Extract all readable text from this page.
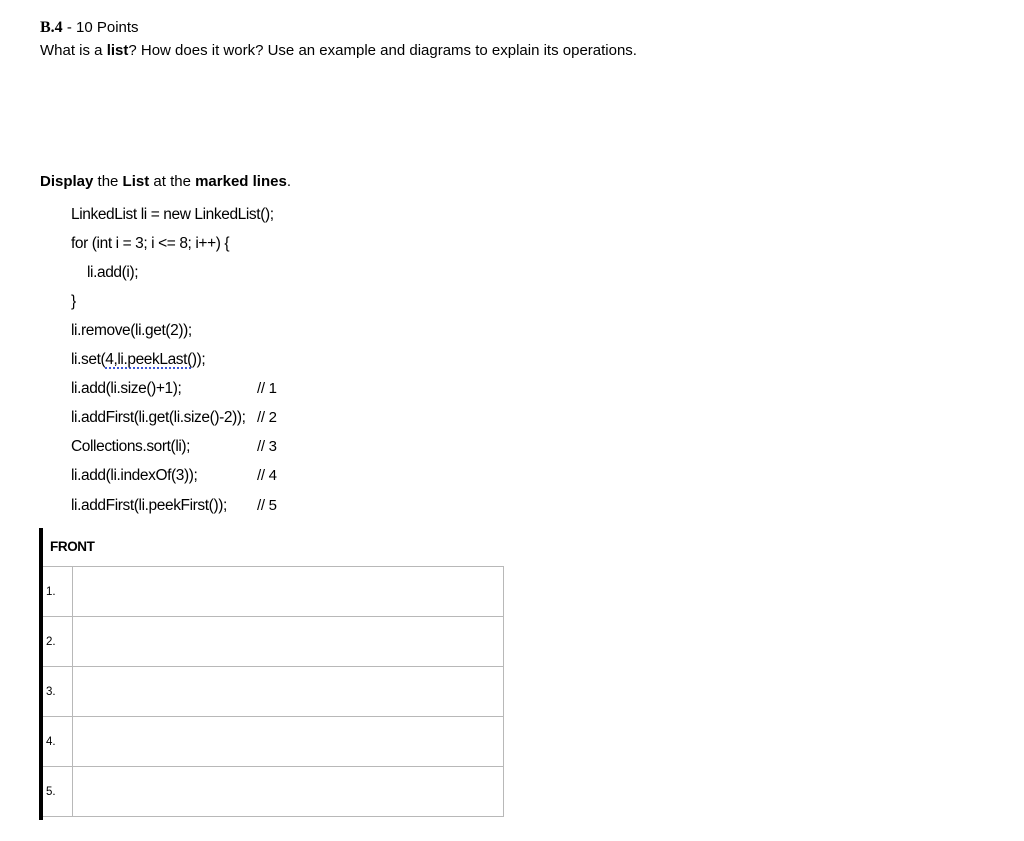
B.4 - 10 Points
What is a list? How does it work? Use an example and diagrams to explain its operations.
Display the List at the marked lines.
LinkedList li = new LinkedList();
for (int i = 3; i <= 8; i++) {
li.add(i);
}
li.remove(li.get(2));
li.set(4,li.peekLast());
li.add(li.size()+1);	// 1
li.addFirst(li.get(li.size()-2)); // 2
Collections.sort(li);	// 3
li.add(li.indexOf(3));	// 4
li.addFirst(li.peekFirst()); // 5
FRONT
1.	
2.	
3.	
4.	
5.	
